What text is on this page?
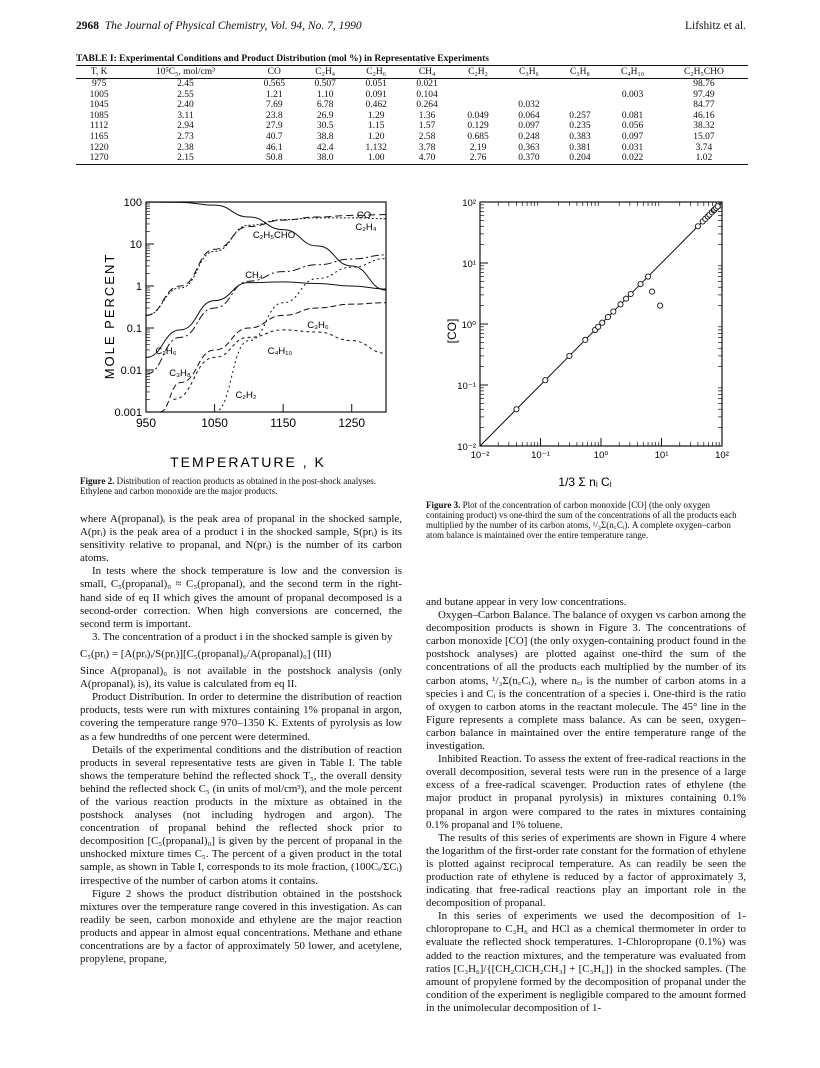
2968 The Journal of Physical Chemistry, Vol. 94, No. 7, 1990	Lifshitz et al.
TABLE I: Experimental Conditions and Product Distribution (mol %) in Representative Experiments
T, K	10⁵C₅, mol/cm³	CO	C₂H₄	C₂H₆	CH₄	C₂H₂	C₃H₆	C₃H₈	C₄H₁₀	C₂H₅CHO
975	2.45	0.565	0.507	0.051	0.021					98.76
1005	2.55	1.21	1.10	0.091	0.104				0.003	97.49
1045	2.40	7.69	6.78	0.462	0.264		0.032			84.77
1085	3.11	23.8	26.9	1.29	1.36	0.049	0.064	0.257	0.081	46.16
1112	2.94	27.9	30.5	1.15	1.57	0.129	0.097	0.235	0.056	38.32
1165	2.73	40.7	38.8	1.20	2.58	0.685	0.248	0.383	0.097	15.07
1220	2.38	46.1	42.4	1.132	3.78	2.19	0.363	0.381	0.031	3.74
1270	2.15	50.8	38.0	1.00	4.70	2.76	0.370	0.204	0.022	1.02
0.001
0.01
0.1
1
10
100
950	1050	1150	1250
CO
C₂H₄
C₂H₅CHO
CH₄
C₃H₆
C₄H₁₀
C₂H₆
C₃H₈
C₂H₂
TEMPERATURE , K
MOLE PERCENT
Figure 2. Distribution of reaction products as obtained in the post-shock analyses. Ethylene and carbon monoxide are the major products.
10⁻²
10⁻¹
10⁰
10¹
10²
10⁻²	10⁻¹	10⁰	10¹	10²
[CO]
1/3 Σ nᵢ Cᵢ
Figure 3. Plot of the concentration of carbon monoxide [CO] (the only oxygen containing product) vs one-third the sum of the concentrations of all the products each multiplied by the number of its carbon atoms, ¹/₃Σ(n꜀Cᵢ). A complete oxygen–carbon atom balance is maintained over the entire temperature range.

where A(propanal)ᵢ is the peak area of propanal in the shocked sample, A(prᵢ) is the peak area of a product i in the shocked sample, S(prᵢ) is its sensitivity relative to propanal, and N(prᵢ) is the number of its carbon atoms.

In tests where the shock temperature is low and the conversion is small, C₅(propanal)₀ ≈ C₅(propanal), and the second term in the right-hand side of eq II which gives the amount of propanal decomposed is a second-order correction. When high conversions are concerned, the second term is important.

3. The concentration of a product i in the shocked sample is given by

C₅(prᵢ) = [A(prᵢ)ᵢ/S(prᵢ)][C₅(propanal)₀/A(propanal)₀] (III)

Since A(propanal)₀ is not available in the postshock analysis (only A(propanal)ᵢ is), its value is calculated from eq II.

Product Distribution. In order to determine the distribution of reaction products, tests were run with mixtures containing 1% propanal in argon, covering the temperature range 970–1350 K. Extents of pyrolysis as low as a few hundredths of one percent were determined.

Details of the experimental conditions and the distribution of reaction products in several representative tests are given in Table I. The table shows the temperature behind the reflected shock T₅, the overall density behind the reflected shock C₅ (in units of mol/cm³), and the mole percent of the various reaction products in the mixture as obtained in the postshock analyses (not including hydrogen and argon). The concentration of propanal behind the reflected shock prior to decomposition [C₅(propanal)₀] is given by the percent of propanal in the unshocked mixture times C₅. The percent of a given product in the total sample, as shown in Table I, corresponds to its mole fraction, (100Cᵢ/ΣCᵢ) irrespective of the number of carbon atoms it contains.

Figure 2 shows the product distribution obtained in the postshock mixtures over the temperature range covered in this investigation. As can readily be seen, carbon monoxide and ethylene are the major reaction products and appear in almost equal concentrations. Methane and ethane concentrations are by a factor of approximately 50 lower, and acetylene, propylene, propane,

and butane appear in very low concentrations.

Oxygen–Carbon Balance. The balance of oxygen vs carbon among the decomposition products is shown in Figure 3. The concentrations of carbon monoxide [CO] (the only oxygen-containing product found in the postshock analyses) are plotted against one-third the sum of the concentrations of all the products each multiplied by the number of its carbon atoms, ¹/₃Σ(n꜀Cᵢ), where n꜀ᵢ is the number of carbon atoms in a species i and Cᵢ is the concentration of a species i. One-third is the ratio of oxygen to carbon atoms in the reactant molecule. The 45° line in the Figure represents a complete mass balance. As can be seen, oxygen–carbon balance in maintained over the entire temperature range of the investigation.

Inhibited Reaction. To assess the extent of free-radical reactions in the overall decomposition, several tests were run in the presence of a large excess of a free-radical scavenger. Production rates of ethylene (the major product in propanal pyrolysis) in mixtures containing 0.1% propanal in argon were compared to the rates in mixtures containing 0.1% propanal and 1% toluene.

The results of this series of experiments are shown in Figure 4 where the logarithm of the first-order rate constant for the formation of ethylene is plotted against reciprocal temperature. As can readily be seen the production rate of ethylene is reduced by a factor of approximately 3, indicating that free-radical reactions play an important role in the decomposition of propanal.

In this series of experiments we used the decomposition of 1-chloropropane to C₃H₆ and HCl as a chemical thermometer in order to evaluate the reflected shock temperatures. 1-Chloropropane (0.1%) was added to the reaction mixtures, and the temperature was evaluated from ratios [C₃H₆]/{[CH₂ClCH₂CH₃] + [C₃H₆]} in the shocked samples. (The amount of propylene formed by the decomposition of propanal under the condition of the experiment is negligible compared to the amount formed in the unimolecular decomposition of 1-
